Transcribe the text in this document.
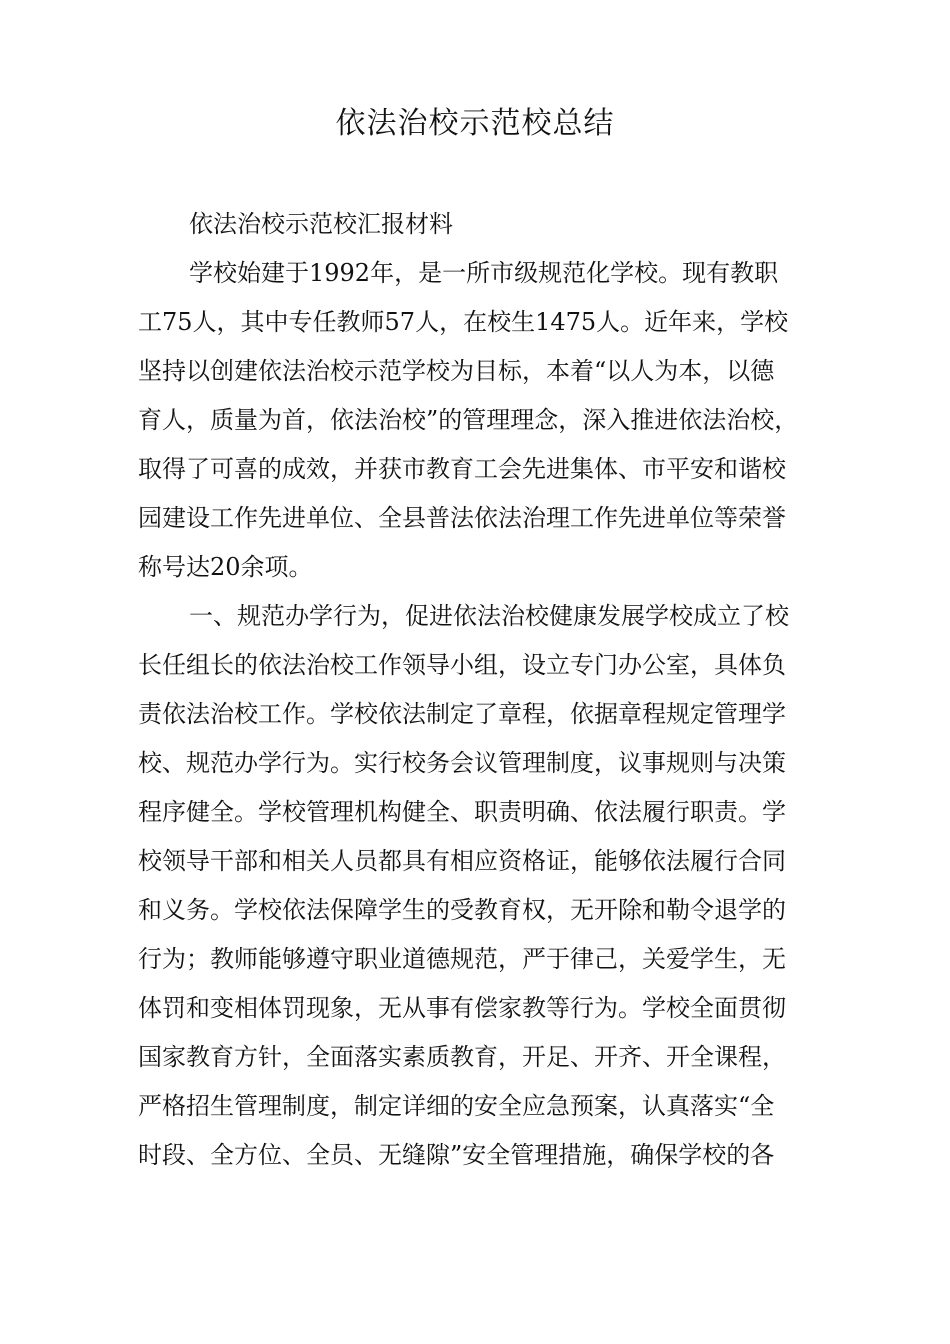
依法治校示范校总结
依法治校示范校汇报材料
学校始建于1992年，是一所市级规范化学校。现有教职
工75人，其中专任教师57人，在校生1475人。近年来，学校
坚持以创建依法治校示范学校为目标，本着“以人为本，以德
育人，质量为首，依法治校”的管理理念，深入推进依法治校，
取得了可喜的成效，并获市教育工会先进集体、市平安和谐校
园建设工作先进单位、全县普法依法治理工作先进单位等荣誉
称号达20余项。
一、规范办学行为，促进依法治校健康发展学校成立了校
长任组长的依法治校工作领导小组，设立专门办公室，具体负
责依法治校工作。学校依法制定了章程，依据章程规定管理学
校、规范办学行为。实行校务会议管理制度，议事规则与决策
程序健全。学校管理机构健全、职责明确、依法履行职责。学
校领导干部和相关人员都具有相应资格证，能够依法履行合同
和义务。学校依法保障学生的受教育权，无开除和勒令退学的
行为；教师能够遵守职业道德规范，严于律己，关爱学生，无
体罚和变相体罚现象，无从事有偿家教等行为。学校全面贯彻
国家教育方针，全面落实素质教育，开足、开齐、开全课程，
严格招生管理制度，制定详细的安全应急预案，认真落实“全
时段、全方位、全员、无缝隙”安全管理措施，确保学校的各
